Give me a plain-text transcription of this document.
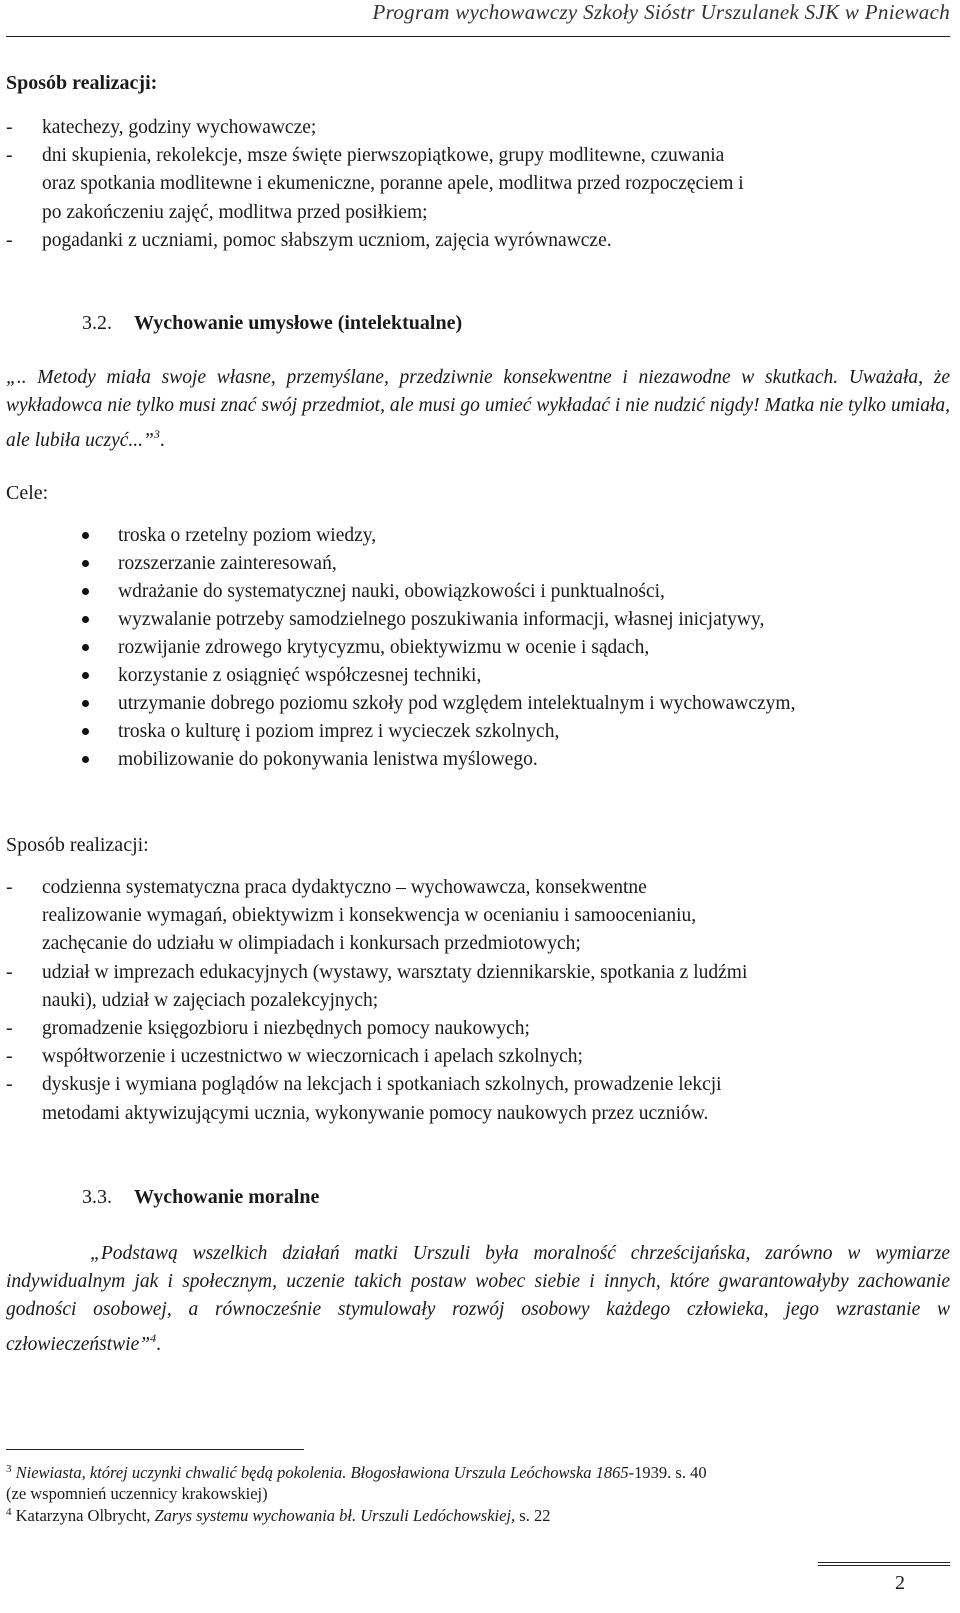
Program wychowawczy Szkoły Sióstr Urszulanek SJK w Pniewach
Sposób realizacji:
- katechezy, godziny wychowawcze;
- dni skupienia, rekolekcje, msze święte pierwszopiątkowe, grupy modlitewne, czuwania
oraz spotkania modlitewne i ekumeniczne, poranne apele, modlitwa przed rozpoczęciem i
po zakończeniu zajęć, modlitwa przed posiłkiem;
- pogadanki z uczniami, pomoc słabszym uczniom, zajęcia wyrównawcze.
3.2. Wychowanie umysłowe (intelektualne)

„.. Metody miała swoje własne, przemyślane, przedziwnie konsekwentne i niezawodne w skutkach. Uważała, że wykładowca nie tylko musi znać swój przedmiot, ale musi go umieć wykładać i nie nudzić nigdy! Matka nie tylko umiała, ale lubiła uczyć...”$^3$.

Cele:
troska o rzetelny poziom wiedzy,
rozszerzanie zainteresowań,
wdrażanie do systematycznej nauki, obowiązkowości i punktualności,
wyzwalanie potrzeby samodzielnego poszukiwania informacji, własnej inicjatywy,
rozwijanie zdrowego krytycyzmu, obiektywizmu w ocenie i sądach,
korzystanie z osiągnięć współczesnej techniki,
utrzymanie dobrego poziomu szkoły pod względem intelektualnym i wychowawczym,
troska o kulturę i poziom imprez i wycieczek szkolnych,
mobilizowanie do pokonywania lenistwa myślowego.
Sposób realizacji:
- codzienna systematyczna praca dydaktyczno – wychowawcza, konsekwentne
realizowanie wymagań, obiektywizm i konsekwencja w ocenianiu i samoocenianiu,
zachęcanie do udziału w olimpiadach i konkursach przedmiotowych;
- udział w imprezach edukacyjnych (wystawy, warsztaty dziennikarskie, spotkania z ludźmi
nauki), udział w zajęciach pozalekcyjnych;
- gromadzenie księgozbioru i niezbędnych pomocy naukowych;
- współtworzenie i uczestnictwo w wieczornicach i apelach szkolnych;
- dyskusje i wymiana poglądów na lekcjach i spotkaniach szkolnych, prowadzenie lekcji
metodami aktywizującymi ucznia, wykonywanie pomocy naukowych przez uczniów.
3.3. Wychowanie moralne

„Podstawą wszelkich działań matki Urszuli była moralność chrześcijańska, zarówno w wymiarze indywidualnym jak i społecznym, uczenie takich postaw wobec siebie i innych, które gwarantowałyby zachowanie godności osobowej, a równocześnie stymulowały rozwój osobowy każdego człowieka, jego wzrastanie w człowieczeństwie”$^4$.

$^3$ Niewiasta, której uczynki chwalić będą pokolenia. Błogosławiona Urszula Leóchowska 1865-1939. s. 40
(ze wspomnień uczennicy krakowskiej)
$^4$ Katarzyna Olbrycht, Zarys systemu wychowania bł. Urszuli Ledóchowskiej, s. 22
2
